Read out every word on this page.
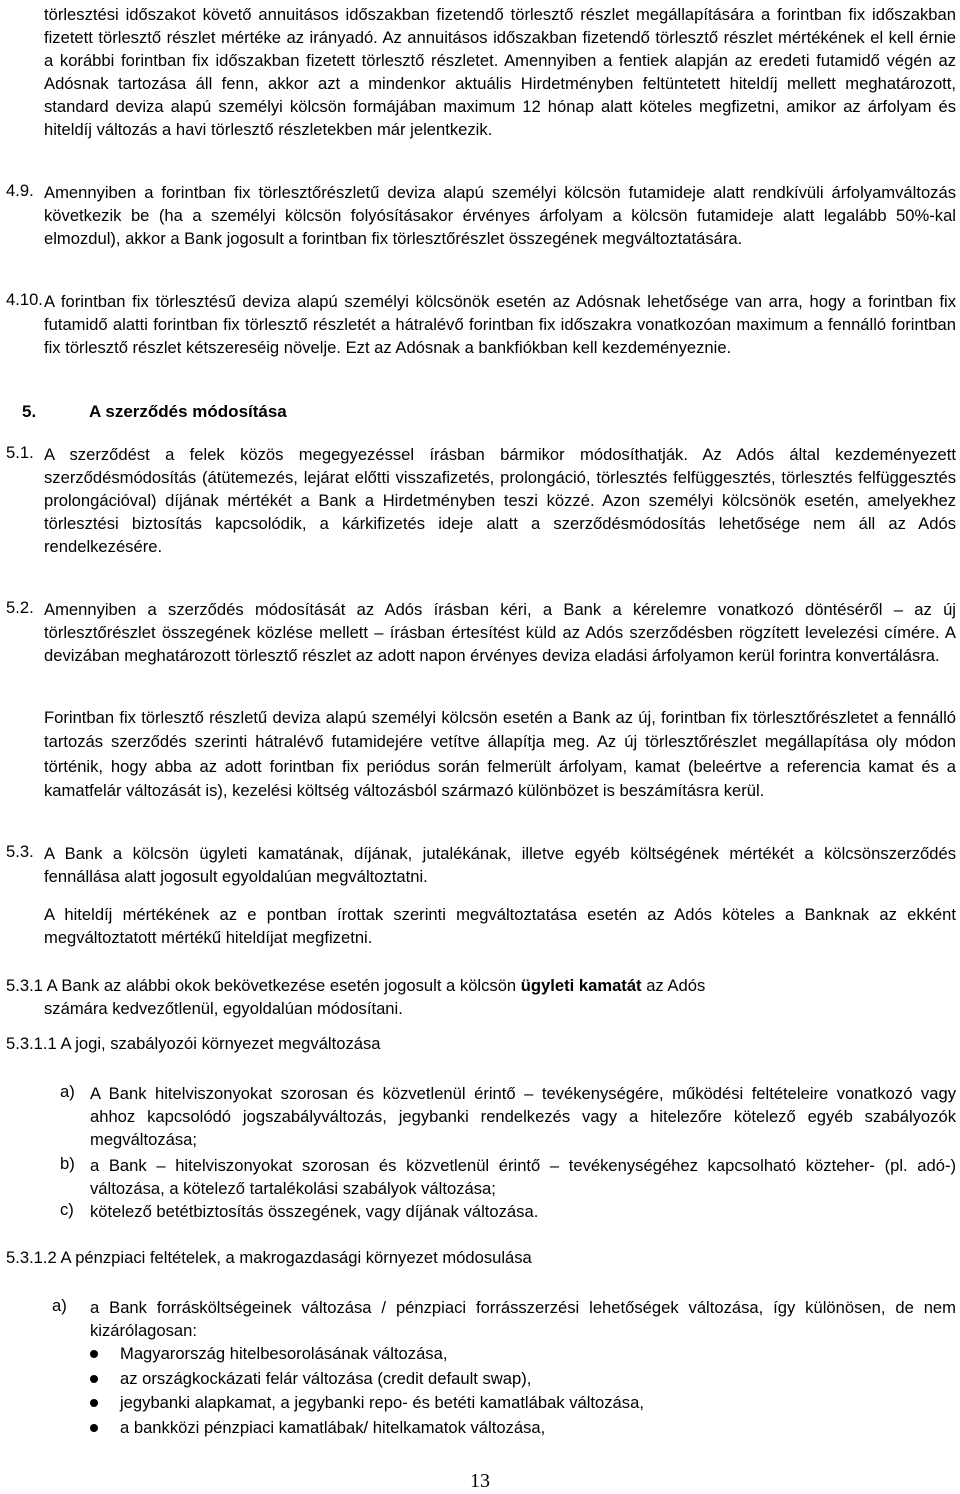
törlesztési időszakot követő annuitásos időszakban fizetendő törlesztő részlet megállapítására a forintban fix időszakban fizetett törlesztő részlet mértéke az irányadó. Az annuitásos időszakban fizetendő törlesztő részlet mértékének el kell érnie a korábbi forintban fix időszakban fizetett törlesztő részletet. Amennyiben a fentiek alapján az eredeti futamidő végén az Adósnak tartozása áll fenn, akkor azt a mindenkor aktuális Hirdetményben feltüntetett hiteldíj mellett meghatározott, standard deviza alapú személyi kölcsön formájában maximum 12 hónap alatt köteles megfizetni, amikor az árfolyam és hiteldíj változás a havi törlesztő részletekben már jelentkezik.
4.9. Amennyiben a forintban fix törlesztőrészletű deviza alapú személyi kölcsön futamideje alatt rendkívüli árfolyamváltozás következik be (ha a személyi kölcsön folyósításakor érvényes árfolyam a kölcsön futamideje alatt legalább 50%-kal elmozdul), akkor a Bank jogosult a forintban fix törlesztőrészlet összegének megváltoztatására.
4.10. A forintban fix törlesztésű deviza alapú személyi kölcsönök esetén az Adósnak lehetősége van arra, hogy a forintban fix futamidő alatti forintban fix törlesztő részletét a hátralévő forintban fix időszakra vonatkozóan maximum a fennálló forintban fix törlesztő részlet kétszereséig növelje. Ezt az Adósnak a bankfiókban kell kezdeményeznie.
5.	A szerződés módosítása
5.1. A szerződést a felek közös megegyezéssel írásban bármikor módosíthatják. Az Adós által kezdeményezett szerződésmódosítás (átütemezés, lejárat előtti visszafizetés, prolongáció, törlesztés felfüggesztés, törlesztés felfüggesztés prolongációval) díjának mértékét a Bank a Hirdetményben teszi közzé. Azon személyi kölcsönök esetén, amelyekhez törlesztési biztosítás kapcsolódik, a kárkifizetés ideje alatt a szerződésmódosítás lehetősége nem áll az Adós rendelkezésére.
5.2. Amennyiben a szerződés módosítását az Adós írásban kéri, a Bank a kérelemre vonatkozó döntéséről – az új törlesztőrészlet összegének közlése mellett – írásban értesítést küld az Adós szerződésben rögzített levelezési címére. A devizában meghatározott törlesztő részlet az adott napon érvényes deviza eladási árfolyamon kerül forintra konvertálásra.
Forintban fix törlesztő részletű deviza alapú személyi kölcsön esetén a Bank az új, forintban fix törlesztőrészletet a fennálló tartozás szerződés szerinti hátralévő futamidejére vetítve állapítja meg. Az új törlesztőrészlet megállapítása oly módon történik, hogy abba az adott forintban fix periódus során felmerült árfolyam, kamat (beleértve a referencia kamat és a kamatfelár változását is), kezelési költség változásból származó különbözet is beszámításra kerül.
5.3. A Bank a kölcsön ügyleti kamatának, díjának, jutalékának, illetve egyéb költségének mértékét a kölcsönszerződés fennállása alatt jogosult egyoldalúan megváltoztatni.
A hiteldíj mértékének az e pontban írottak szerinti megváltoztatása esetén az Adós köteles a Banknak az ekként megváltoztatott mértékű hiteldíjat megfizetni.
5.3.1 A Bank az alábbi okok bekövetkezése esetén jogosult a kölcsön ügyleti kamatát az Adós
számára kedvezőtlenül, egyoldalúan módosítani.
5.3.1.1 A jogi, szabályozói környezet megváltozása
a) A Bank hitelviszonyokat szorosan és közvetlenül érintő – tevékenységére, működési feltételeire vonatkozó vagy ahhoz kapcsolódó jogszabályváltozás, jegybanki rendelkezés vagy a hitelezőre kötelező egyéb szabályozók megváltozása;
b) a Bank – hitelviszonyokat szorosan és közvetlenül érintő – tevékenységéhez kapcsolható közteher- (pl. adó-) változása, a kötelező tartalékolási szabályok változása;
c) kötelező betétbiztosítás összegének, vagy díjának változása.
5.3.1.2 A pénzpiaci feltételek, a makrogazdasági környezet módosulása
a) a Bank forrásköltségeinek változása / pénzpiaci forrásszerzési lehetőségek változása, így különösen, de nem kizárólagosan:
Magyarország hitelbesorolásának változása,
az országkockázati felár változása (credit default swap),
jegybanki alapkamat, a jegybanki repo- és betéti kamatlábak változása,
a bankközi pénzpiaci kamatlábak/ hitelkamatok változása,
13
